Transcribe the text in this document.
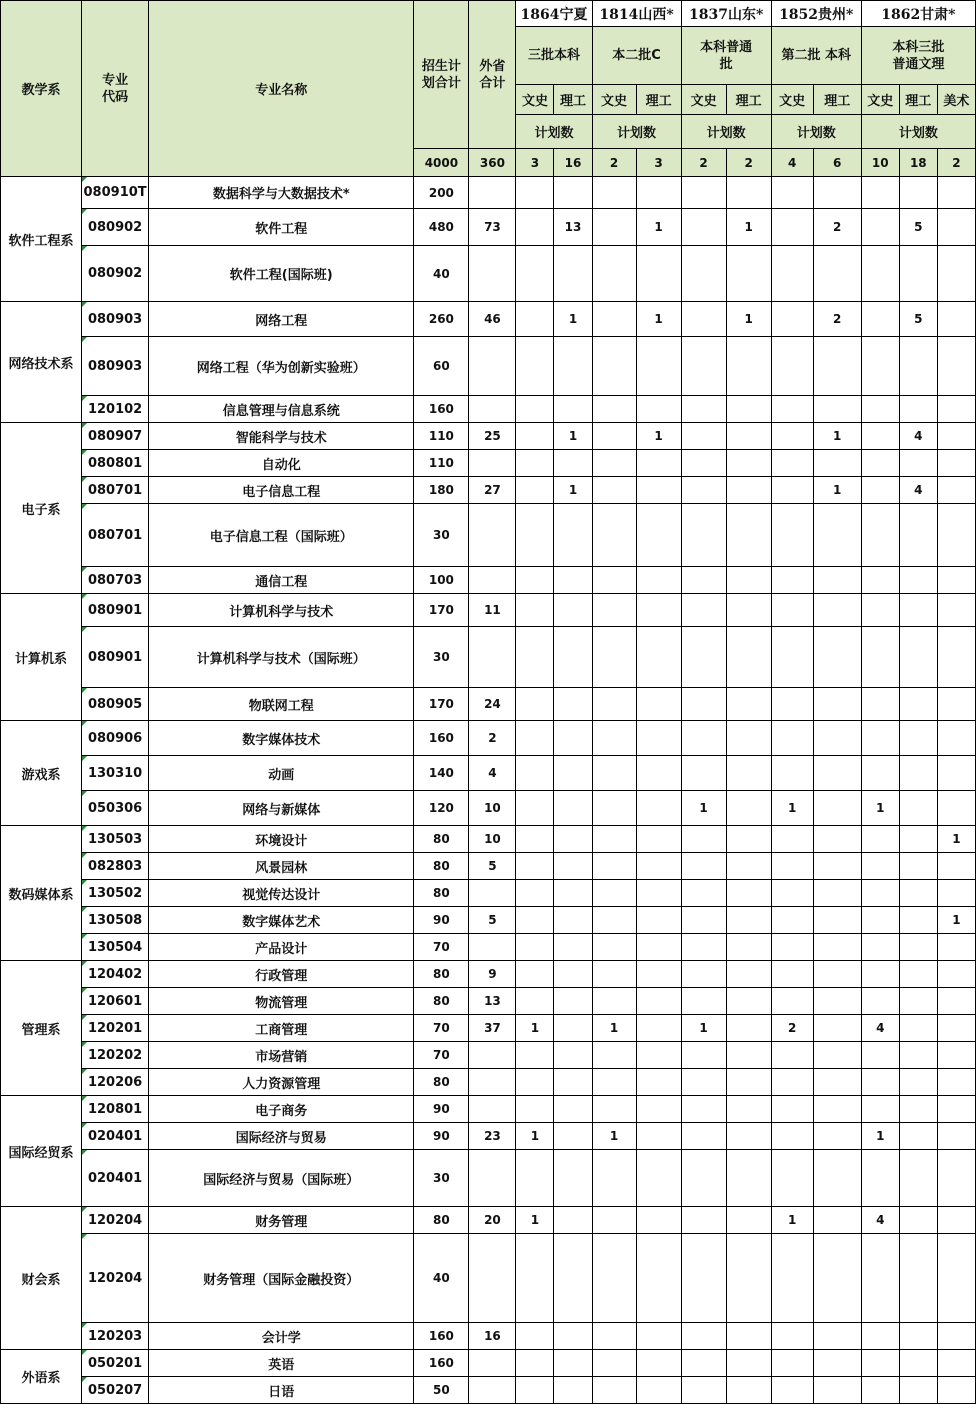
教学系	专业代码	专业名称	招生计划合计	外省合计	1864宁夏		1814山西*		1837山东*		1852贵州*		1862甘肃*		
					三批本科		本二批C		本科普通批		第二批 本科		本科三批普通文理		

					文史	理工	文史	理工	文史	理工	文史	理工	文史	理工	美术
					计划数		计划数		计划数		计划数		计划数		
			4000	360	3	16	2	3	2	2	4	6	10	18	2
软件工程系	080910T	数据科学与大数据技术*	200												
	080902	软件工程	480	73		13		1		1		2		5	
	080902	软件工程(国际班)	40												
网络技术系	080903	网络工程	260	46		1		1		1		2		5	
	080903	网络工程（华为创新实验班）	60												
	120102	信息管理与信息系统	160												
电子系	080907	智能科学与技术	110	25		1		1				1		4	
	080801	自动化	110												
	080701	电子信息工程	180	27		1						1		4	
	080701	电子信息工程（国际班）	30												
	080703	通信工程	100												
计算机系	080901	计算机科学与技术	170	11											
	080901	计算机科学与技术（国际班）	30												
	080905	物联网工程	170	24											
游戏系	080906	数字媒体技术	160	2											
	130310	动画	140	4											
	050306	网络与新媒体	120	10					1		1		1		
数码媒体系	130503	环境设计	80	10											1
	082803	风景园林	80	5											
	130502	视觉传达设计	80												
	130508	数字媒体艺术	90	5											1
	130504	产品设计	70												
管理系	120402	行政管理	80	9											
	120601	物流管理	80	13											
	120201	工商管理	70	37	1		1		1		2		4		
	120202	市场营销	70												
	120206	人力资源管理	80												
国际经贸系	120801	电子商务	90												
	020401	国际经济与贸易	90	23	1		1						1		
	020401	国际经济与贸易（国际班）	30												
财会系	120204	财务管理	80	20	1						1		4		
	120204	财务管理（国际金融投资）	40												
	120203	会计学	160	16											
外语系	050201	英语	160												
	050207	日语	50												
